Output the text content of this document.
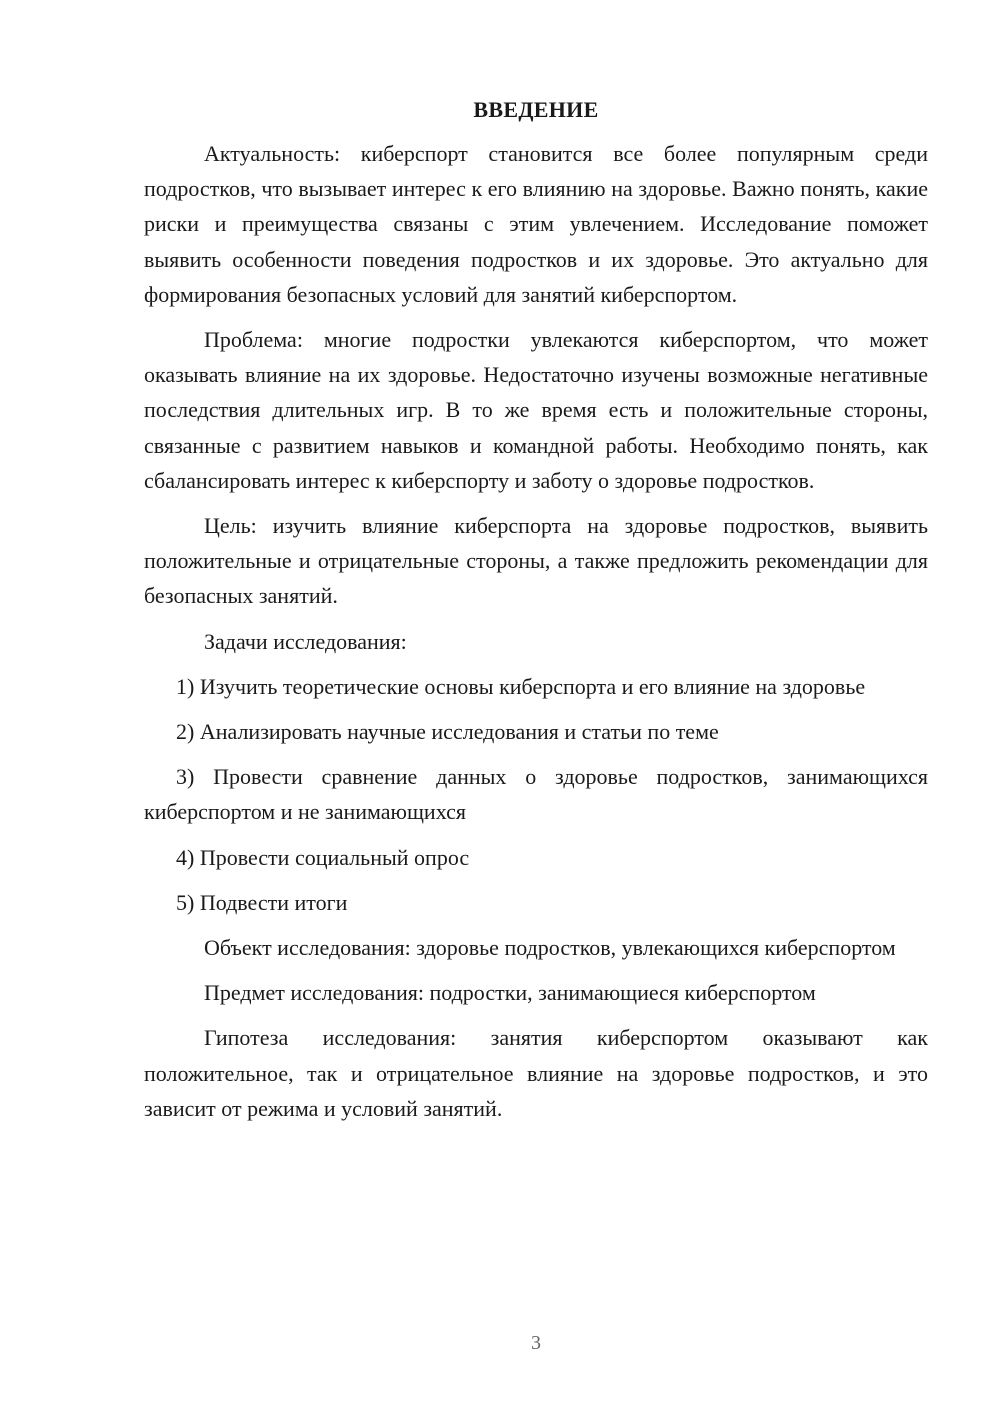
ВВЕДЕНИЕ

Актуальность: киберспорт становится все более популярным среди подростков, что вызывает интерес к его влиянию на здоровье. Важно понять, какие риски и преимущества связаны с этим увлечением. Исследование поможет выявить особенности поведения подростков и их здоровье. Это актуально для формирования безопасных условий для занятий киберспортом.

Проблема: многие подростки увлекаются киберспортом, что может оказывать влияние на их здоровье. Недостаточно изучены возможные негативные последствия длительных игр. В то же время есть и положительные стороны, связанные с развитием навыков и командной работы. Необходимо понять, как сбалансировать интерес к киберспорту и заботу о здоровье подростков.

Цель: изучить влияние киберспорта на здоровье подростков, выявить положительные и отрицательные стороны, а также предложить рекомендации для безопасных занятий.

Задачи исследования:

1) Изучить теоретические основы киберспорта и его влияние на здоровье

2) Анализировать научные исследования и статьи по теме

3) Провести сравнение данных о здоровье подростков, занимающихся киберспортом и не занимающихся

4) Провести социальный опрос

5) Подвести итоги

Объект исследования: здоровье подростков, увлекающихся киберспортом

Предмет исследования: подростки, занимающиеся киберспортом

Гипотеза исследования: занятия киберспортом оказывают как положительное, так и отрицательное влияние на здоровье подростков, и это зависит от режима и условий занятий.

3
